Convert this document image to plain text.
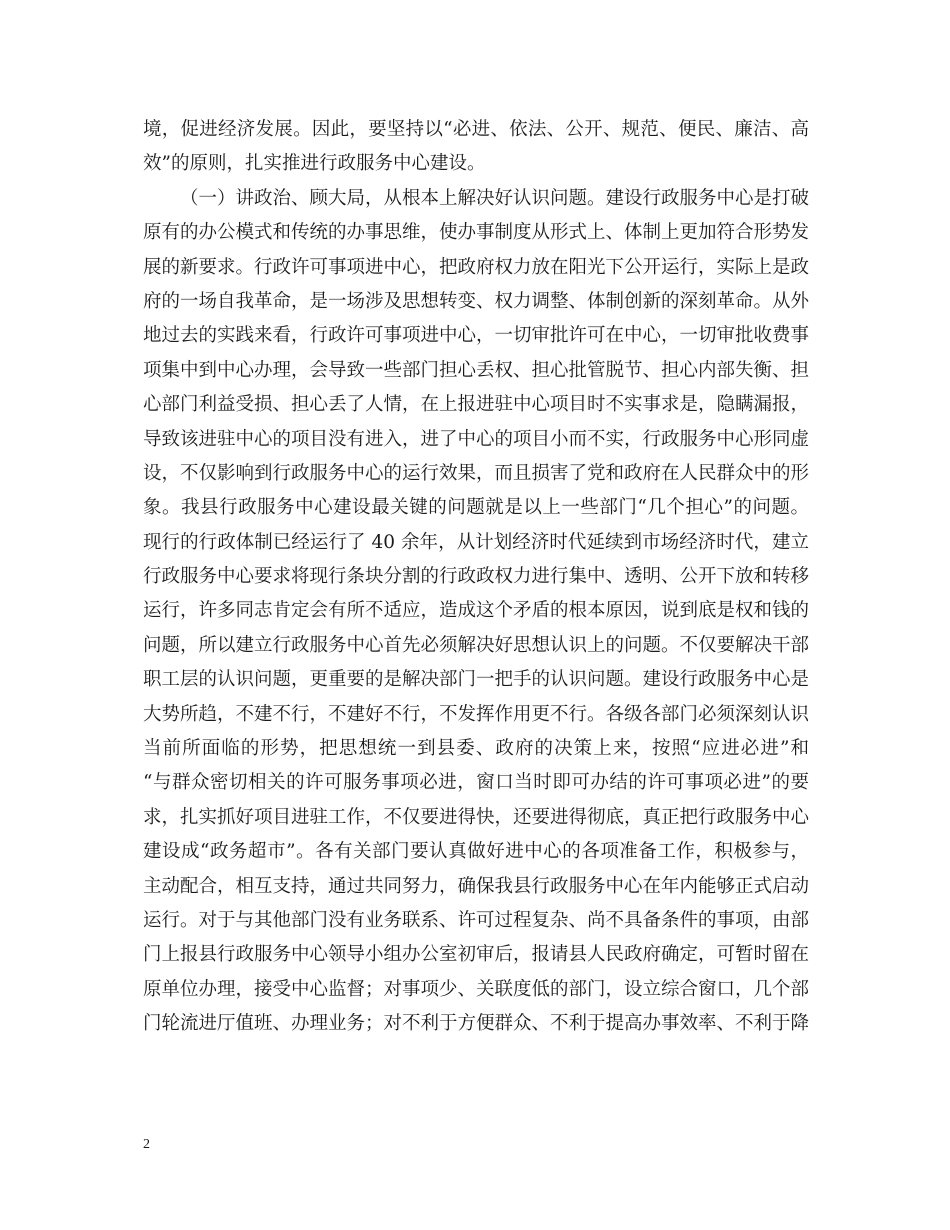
境，促进经济发展。因此，要坚持以“必进、依法、公开、规范、便民、廉洁、高
效”的原则，扎实推进行政服务中心建设。
（一）讲政治、顾大局，从根本上解决好认识问题。建设行政服务中心是打破
原有的办公模式和传统的办事思维，使办事制度从形式上、体制上更加符合形势发
展的新要求。行政许可事项进中心，把政府权力放在阳光下公开运行，实际上是政
府的一场自我革命，是一场涉及思想转变、权力调整、体制创新的深刻革命。从外
地过去的实践来看，行政许可事项进中心，一切审批许可在中心，一切审批收费事
项集中到中心办理，会导致一些部门担心丢权、担心批管脱节、担心内部失衡、担
心部门利益受损、担心丢了人情，在上报进驻中心项目时不实事求是，隐瞒漏报，
导致该进驻中心的项目没有进入，进了中心的项目小而不实，行政服务中心形同虚
设，不仅影响到行政服务中心的运行效果，而且损害了党和政府在人民群众中的形
象。我县行政服务中心建设最关键的问题就是以上一些部门“几个担心”的问题。
现行的行政体制已经运行了 40 余年，从计划经济时代延续到市场经济时代，建立
行政服务中心要求将现行条块分割的行政政权力进行集中、透明、公开下放和转移
运行，许多同志肯定会有所不适应，造成这个矛盾的根本原因，说到底是权和钱的
问题，所以建立行政服务中心首先必须解决好思想认识上的问题。不仅要解决干部
职工层的认识问题，更重要的是解决部门一把手的认识问题。建设行政服务中心是
大势所趋，不建不行，不建好不行，不发挥作用更不行。各级各部门必须深刻认识
当前所面临的形势，把思想统一到县委、政府的决策上来，按照“应进必进”和
“与群众密切相关的许可服务事项必进，窗口当时即可办结的许可事项必进”的要
求，扎实抓好项目进驻工作，不仅要进得快，还要进得彻底，真正把行政服务中心
建设成“政务超市”。各有关部门要认真做好进中心的各项准备工作，积极参与，
主动配合，相互支持，通过共同努力，确保我县行政服务中心在年内能够正式启动
运行。对于与其他部门没有业务联系、许可过程复杂、尚不具备条件的事项，由部
门上报县行政服务中心领导小组办公室初审后，报请县人民政府确定，可暂时留在
原单位办理，接受中心监督；对事项少、关联度低的部门，设立综合窗口，几个部
门轮流进厅值班、办理业务；对不利于方便群众、不利于提高办事效率、不利于降
2
